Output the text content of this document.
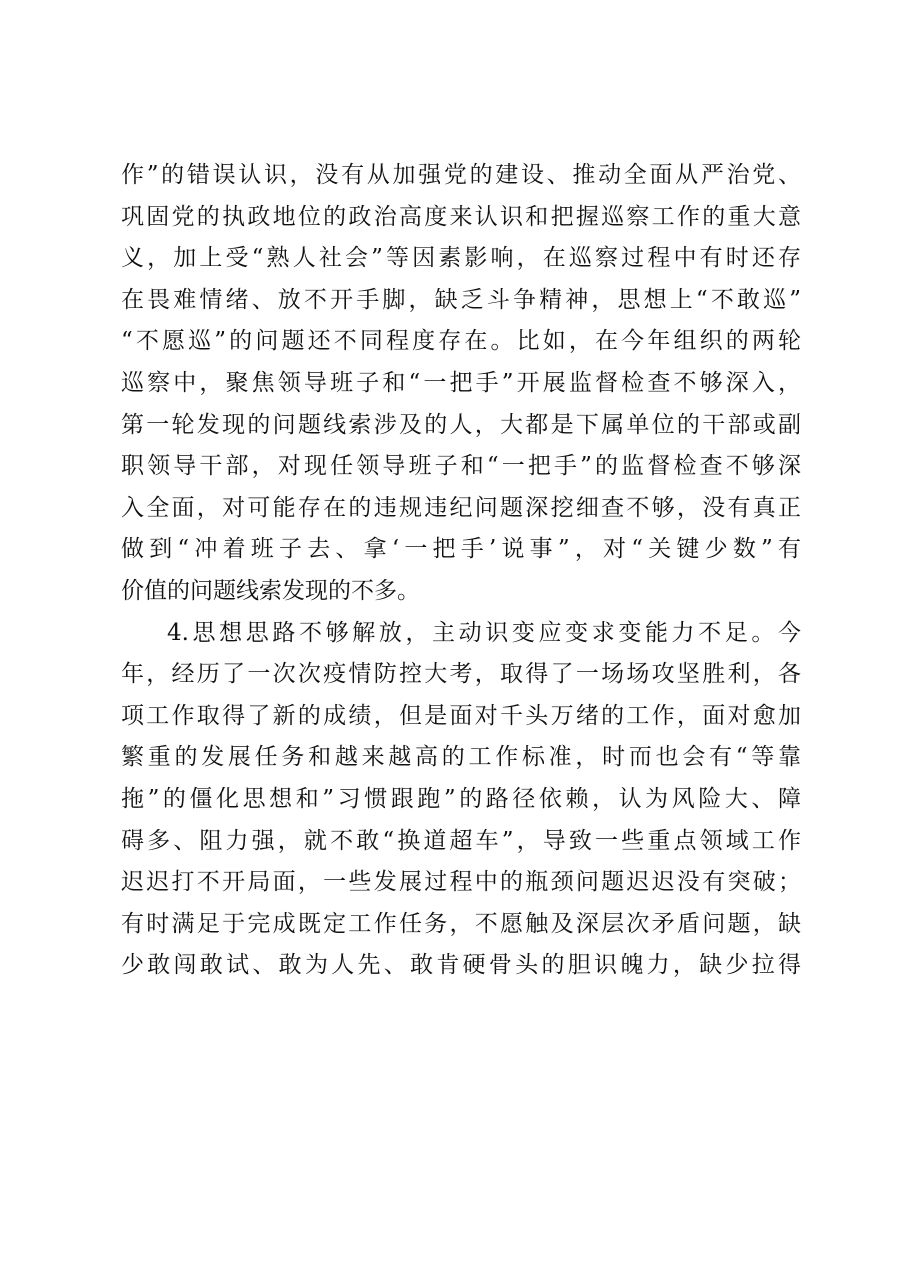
作”的错误认识，没有从加强党的建设、推动全面从严治党、
巩固党的执政地位的政治高度来认识和把握巡察工作的重大意
义，加上受“熟人社会”等因素影响，在巡察过程中有时还存
在畏难情绪、放不开手脚，缺乏斗争精神，思想上“不敢巡”
“不愿巡”的问题还不同程度存在。比如，在今年组织的两轮
巡察中，聚焦领导班子和“一把手”开展监督检查不够深入，
第一轮发现的问题线索涉及的人，大都是下属单位的干部或副
职领导干部，对现任领导班子和“一把手”的监督检查不够深
入全面，对可能存在的违规违纪问题深挖细查不够，没有真正
做到“冲着班子去、拿‘一把手’说事”，对“关键少数”有
价值的问题线索发现的不多。
4.思想思路不够解放，主动识变应变求变能力不足。今
年，经历了一次次疫情防控大考，取得了一场场攻坚胜利，各
项工作取得了新的成绩，但是面对千头万绪的工作，面对愈加
繁重的发展任务和越来越高的工作标准，时而也会有“等靠
拖”的僵化思想和”习惯跟跑”的路径依赖，认为风险大、障
碍多、阻力强，就不敢“换道超车”，导致一些重点领域工作
迟迟打不开局面，一些发展过程中的瓶颈问题迟迟没有突破；
有时满足于完成既定工作任务，不愿触及深层次矛盾问题，缺
少敢闯敢试、敢为人先、敢肯硬骨头的胆识魄力，缺少拉得
